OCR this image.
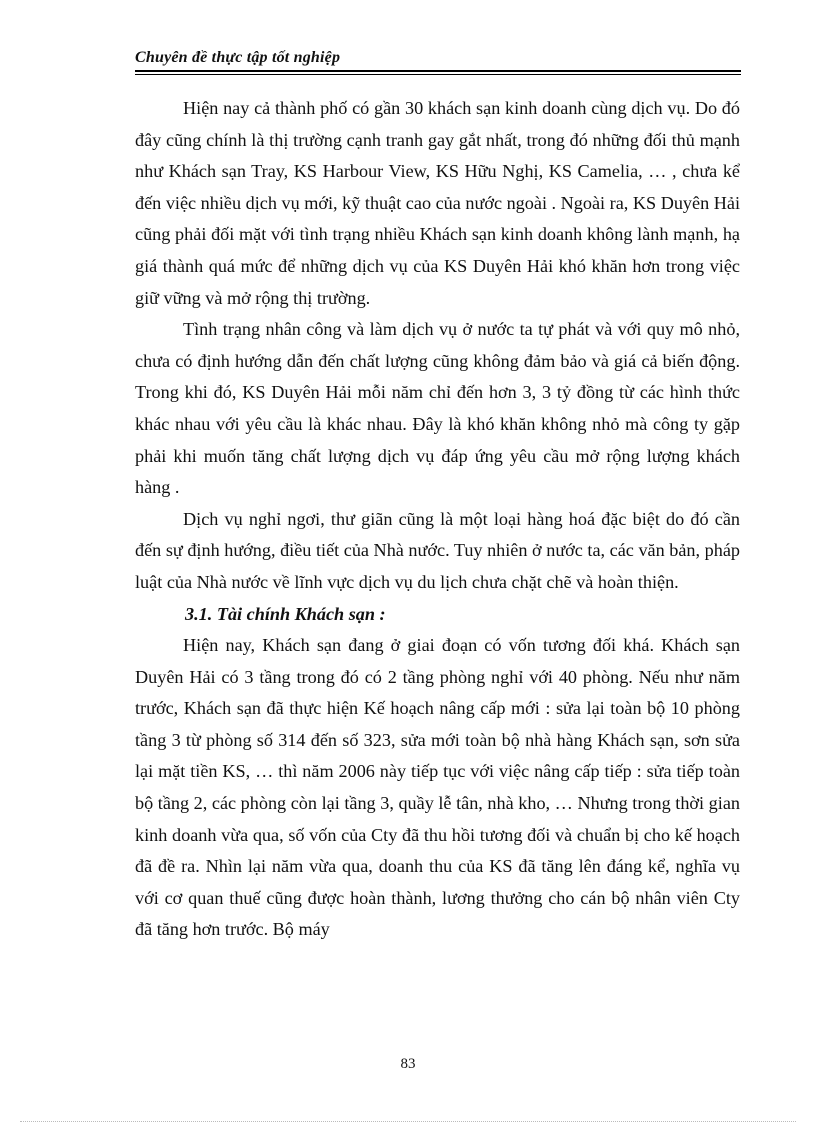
Chuyên đề thực tập tốt nghiệp

Hiện nay cả thành phố có gần 30 khách sạn kinh doanh cùng dịch vụ. Do đó đây cũng chính là thị trường cạnh tranh gay gắt nhất, trong đó những đối thủ mạnh như Khách sạn Tray, KS Harbour View, KS Hữu Nghị, KS Camelia, … , chưa kể đến việc nhiều dịch vụ mới, kỹ thuật cao của nước ngoài . Ngoài ra, KS Duyên Hải cũng phải đối mặt với tình trạng nhiều Khách sạn kinh doanh không lành mạnh, hạ giá thành quá mức để những dịch vụ của KS Duyên Hải khó khăn hơn trong việc giữ vững và mở rộng thị trường.

Tình trạng nhân công và làm dịch vụ ở nước ta tự phát và với quy mô nhỏ, chưa có định hướng dẫn đến chất lượng cũng không đảm bảo và giá cả biến động. Trong khi đó, KS Duyên Hải mỗi năm chỉ đến hơn 3, 3 tỷ đồng từ các hình thức khác nhau với yêu cầu là khác nhau. Đây là khó khăn không nhỏ mà công ty gặp phải khi muốn tăng chất lượng dịch vụ đáp ứng yêu cầu mở rộng lượng khách hàng .

Dịch vụ nghỉ ngơi, thư giãn cũng là một loại hàng hoá đặc biệt do đó cần đến sự định hướng, điều tiết của Nhà nước. Tuy nhiên ở nước ta, các văn bản, pháp luật của Nhà nước về lĩnh vực dịch vụ du lịch chưa chặt chẽ và hoàn thiện.

3.1. Tài chính Khách sạn :

Hiện nay, Khách sạn đang ở giai đoạn có vốn tương đối khá. Khách sạn Duyên Hải có 3 tầng trong đó có 2 tầng phòng nghỉ với 40 phòng. Nếu như năm trước, Khách sạn đã thực hiện Kế hoạch nâng cấp mới : sửa lại toàn bộ 10 phòng tầng 3 từ phòng số 314 đến số 323, sửa mới toàn bộ nhà hàng Khách sạn, sơn sửa lại mặt tiền KS, … thì năm 2006 này tiếp tục với việc nâng cấp tiếp : sửa tiếp toàn bộ tầng 2, các phòng còn lại tầng 3, quầy lễ tân, nhà kho, … Nhưng trong thời gian kinh doanh vừa qua, số vốn của Cty đã thu hồi tương đối và chuẩn bị cho kế hoạch đã đề ra. Nhìn lại năm vừa qua, doanh thu của KS đã tăng lên đáng kể, nghĩa vụ với cơ quan thuế cũng được hoàn thành, lương thưởng cho cán bộ nhân viên Cty đã tăng hơn trước. Bộ máy

83
